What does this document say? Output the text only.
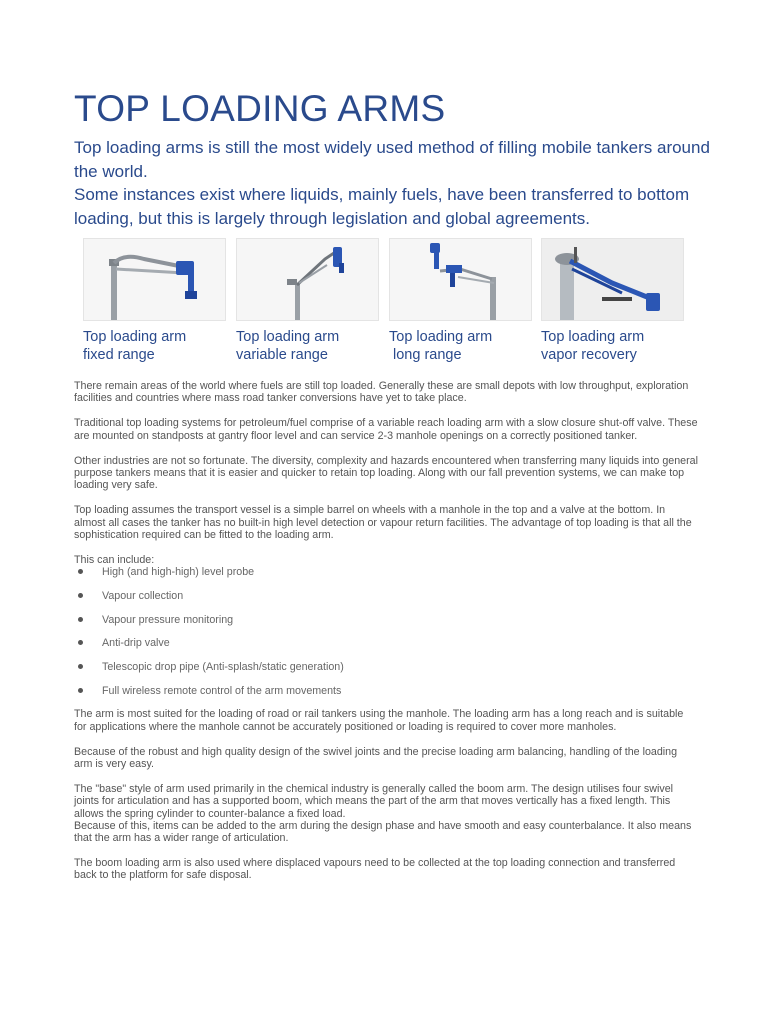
TOP LOADING ARMS

Top loading arms is still the most widely used method of filling mobile tankers around the world.

Some instances exist where liquids, mainly fuels, have been transferred to bottom loading, but this is largely through legislation and global agreements.

Top loading arm
fixed range
Top loading arm
variable range
Top loading arm
long range
Top loading arm
vapor recovery

There remain areas of the world where fuels are still top loaded. Generally these are small depots with low throughput, exploration facilities and countries where mass road tanker conversions have yet to take place.

Traditional top loading systems for petroleum/fuel comprise of a variable reach loading arm with a slow closure shut-off valve. These are mounted on standposts at gantry floor level and can service 2-3 manhole openings on a correctly positioned tanker.

Other industries are not so fortunate. The diversity, complexity and hazards encountered when transferring many liquids into general purpose tankers means that it is easier and quicker to retain top loading. Along with our fall prevention systems, we can make top loading very safe.

Top loading assumes the transport vessel is a simple barrel on wheels with a manhole in the top and a valve at the bottom. In almost all cases the tanker has no built-in high level detection or vapour return facilities. The advantage of top loading is that all the sophistication required can be fitted to the loading arm.

This can include:

High (and high-high) level probe
Vapour collection
Vapour pressure monitoring
Anti-drip valve
Telescopic drop pipe (Anti-splash/static generation)
Full wireless remote control of the arm movements

The arm is most suited for the loading of road or rail tankers using the manhole. The loading arm has a long reach and is suitable for applications where the manhole cannot be accurately positioned or loading is required to cover more manholes.

Because of the robust and high quality design of the swivel joints and the precise loading arm balancing, handling of the loading arm is very easy.

The "base" style of arm used primarily in the chemical industry is generally called the boom arm. The design utilises four swivel joints for articulation and has a supported boom, which means the part of the arm that moves vertically has a fixed length. This allows the spring cylinder to counter-balance a fixed load.

Because of this, items can be added to the arm during the design phase and have smooth and easy counterbalance. It also means that the arm has a wider range of articulation.

The boom loading arm is also used where displaced vapours need to be collected at the top loading connection and transferred back to the platform for safe disposal.
